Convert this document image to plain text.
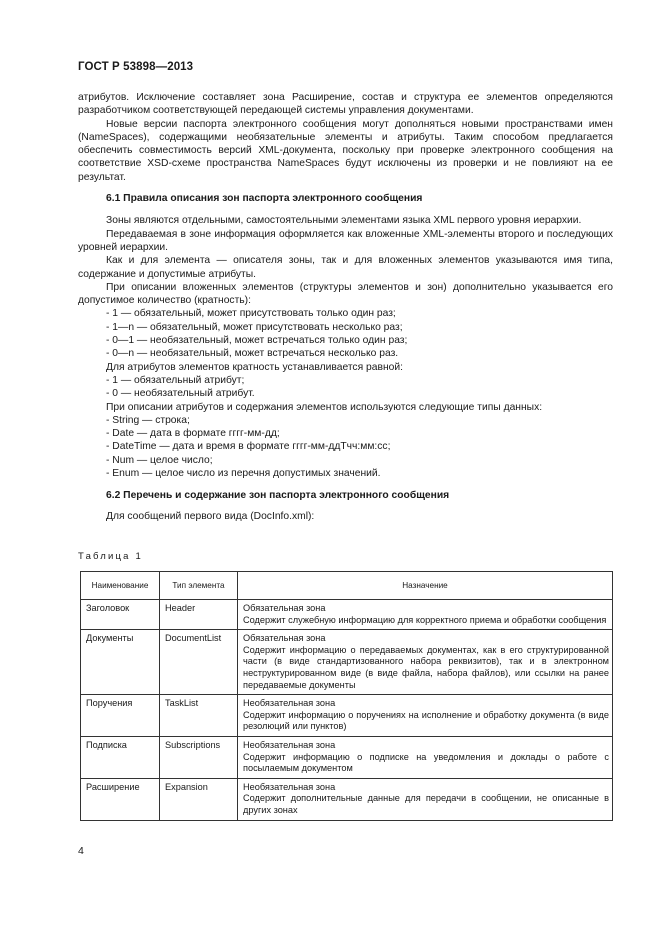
ГОСТ Р 53898—2013

атрибутов. Исключение составляет зона Расширение, состав и структура ее элементов определяются разработчиком соответствующей передающей системы управления документами.

Новые версии паспорта электронного сообщения могут дополняться новыми пространствами имен (NameSpaces), содержащими необязательные элементы и атрибуты. Таким способом предлагается обеспечить совместимость версий XML-документа, поскольку при проверке электронного сообщения на соответствие XSD-схеме пространства NameSpaces будут исключены из проверки и не повлияют на ее результат.

6.1 Правила описания зон паспорта электронного сообщения

Зоны являются отдельными, самостоятельными элементами языка XML первого уровня иерархии.

Передаваемая в зоне информация оформляется как вложенные XML-элементы второго и последующих уровней иерархии.

Как и для элемента — описателя зоны, так и для вложенных элементов указываются имя типа, содержание и допустимые атрибуты.

При описании вложенных элементов (структуры элементов и зон) дополнительно указывается его допустимое количество (кратность):

- 1 — обязательный, может присутствовать только один раз;

- 1—n — обязательный, может присутствовать несколько раз;

- 0—1 — необязательный, может встречаться только один раз;

- 0—n — необязательный, может встречаться несколько раз.

Для атрибутов элементов кратность устанавливается равной:

- 1 — обязательный атрибут;

- 0 — необязательный атрибут.

При описании атрибутов и содержания элементов используются следующие типы данных:

- String — строка;

- Date — дата в формате гггг-мм-дд;

- DateTime — дата и время в формате гггг-мм-ддТчч:мм:сс;

- Num — целое число;

- Enum — целое число из перечня допустимых значений.

6.2 Перечень и содержание зон паспорта электронного сообщения

Для сообщений первого вида (DocInfo.xml):

Таблица 1
Наименование	Тип элемента	Назначение
Заголовок	Header	Обязательная зона
Содержит служебную информацию для корректного приема и обработки сообщения

Документы	DocumentList	Обязательная зона
Содержит информацию о передаваемых документах, как в его структурированной части (в виде стандартизованного набора реквизитов), так и в электронном неструктурированном виде (в виде файла, набора файлов), или ссылки на ранее передаваемые документы

Поручения	TaskList	Необязательная зона
Содержит информацию о поручениях на исполнение и обработку документа (в виде резолюций или пунктов)

Подписка	Subscriptions	Необязательная зона
Содержит информацию о подписке на уведомления и доклады о работе с посылаемым документом

Расширение	Expansion	Необязательная зона
Содержит дополнительные данные для передачи в сообщении, не описанные в других зонах
4
